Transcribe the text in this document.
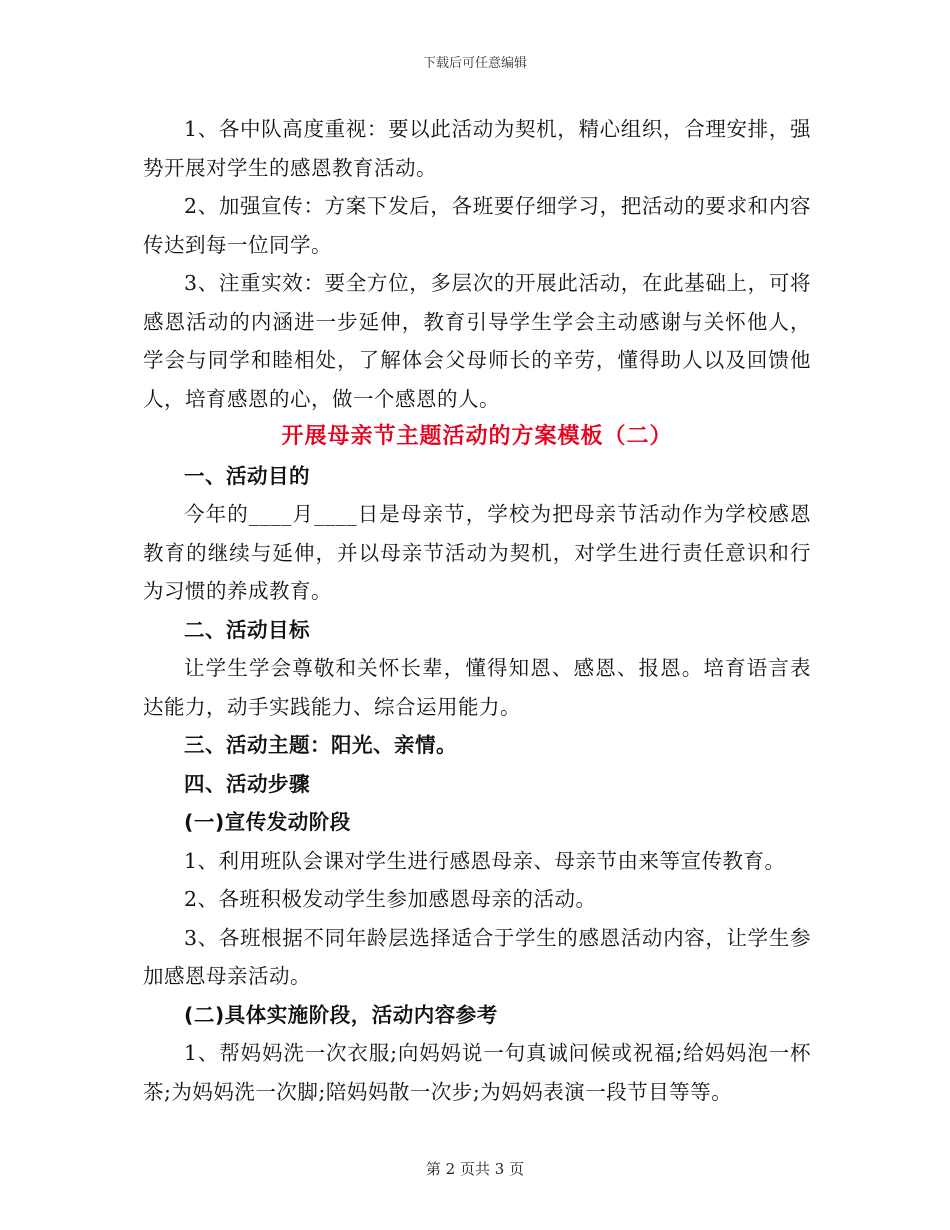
下载后可任意编辑

1、各中队高度重视：要以此活动为契机，精心组织，合理安排，强势开展对学生的感恩教育活动。

2、加强宣传：方案下发后，各班要仔细学习，把活动的要求和内容传达到每一位同学。

3、注重实效：要全方位，多层次的开展此活动，在此基础上，可将感恩活动的内涵进一步延伸，教育引导学生学会主动感谢与关怀他人，学会与同学和睦相处，了解体会父母师长的辛劳，懂得助人以及回馈他人，培育感恩的心，做一个感恩的人。

开展母亲节主题活动的方案模板（二）

一、活动目的

今年的____月____日是母亲节，学校为把母亲节活动作为学校感恩教育的继续与延伸，并以母亲节活动为契机，对学生进行责任意识和行为习惯的养成教育。

二、活动目标

让学生学会尊敬和关怀长辈，懂得知恩、感恩、报恩。培育语言表达能力，动手实践能力、综合运用能力。

三、活动主题：阳光、亲情。

四、活动步骤

(一)宣传发动阶段

1、利用班队会课对学生进行感恩母亲、母亲节由来等宣传教育。

2、各班积极发动学生参加感恩母亲的活动。

3、各班根据不同年龄层选择适合于学生的感恩活动内容，让学生参加感恩母亲活动。

(二)具体实施阶段，活动内容参考

1、帮妈妈洗一次衣服;向妈妈说一句真诚问候或祝福;给妈妈泡一杯茶;为妈妈洗一次脚;陪妈妈散一次步;为妈妈表演一段节目等等。

第 2 页共 3 页
